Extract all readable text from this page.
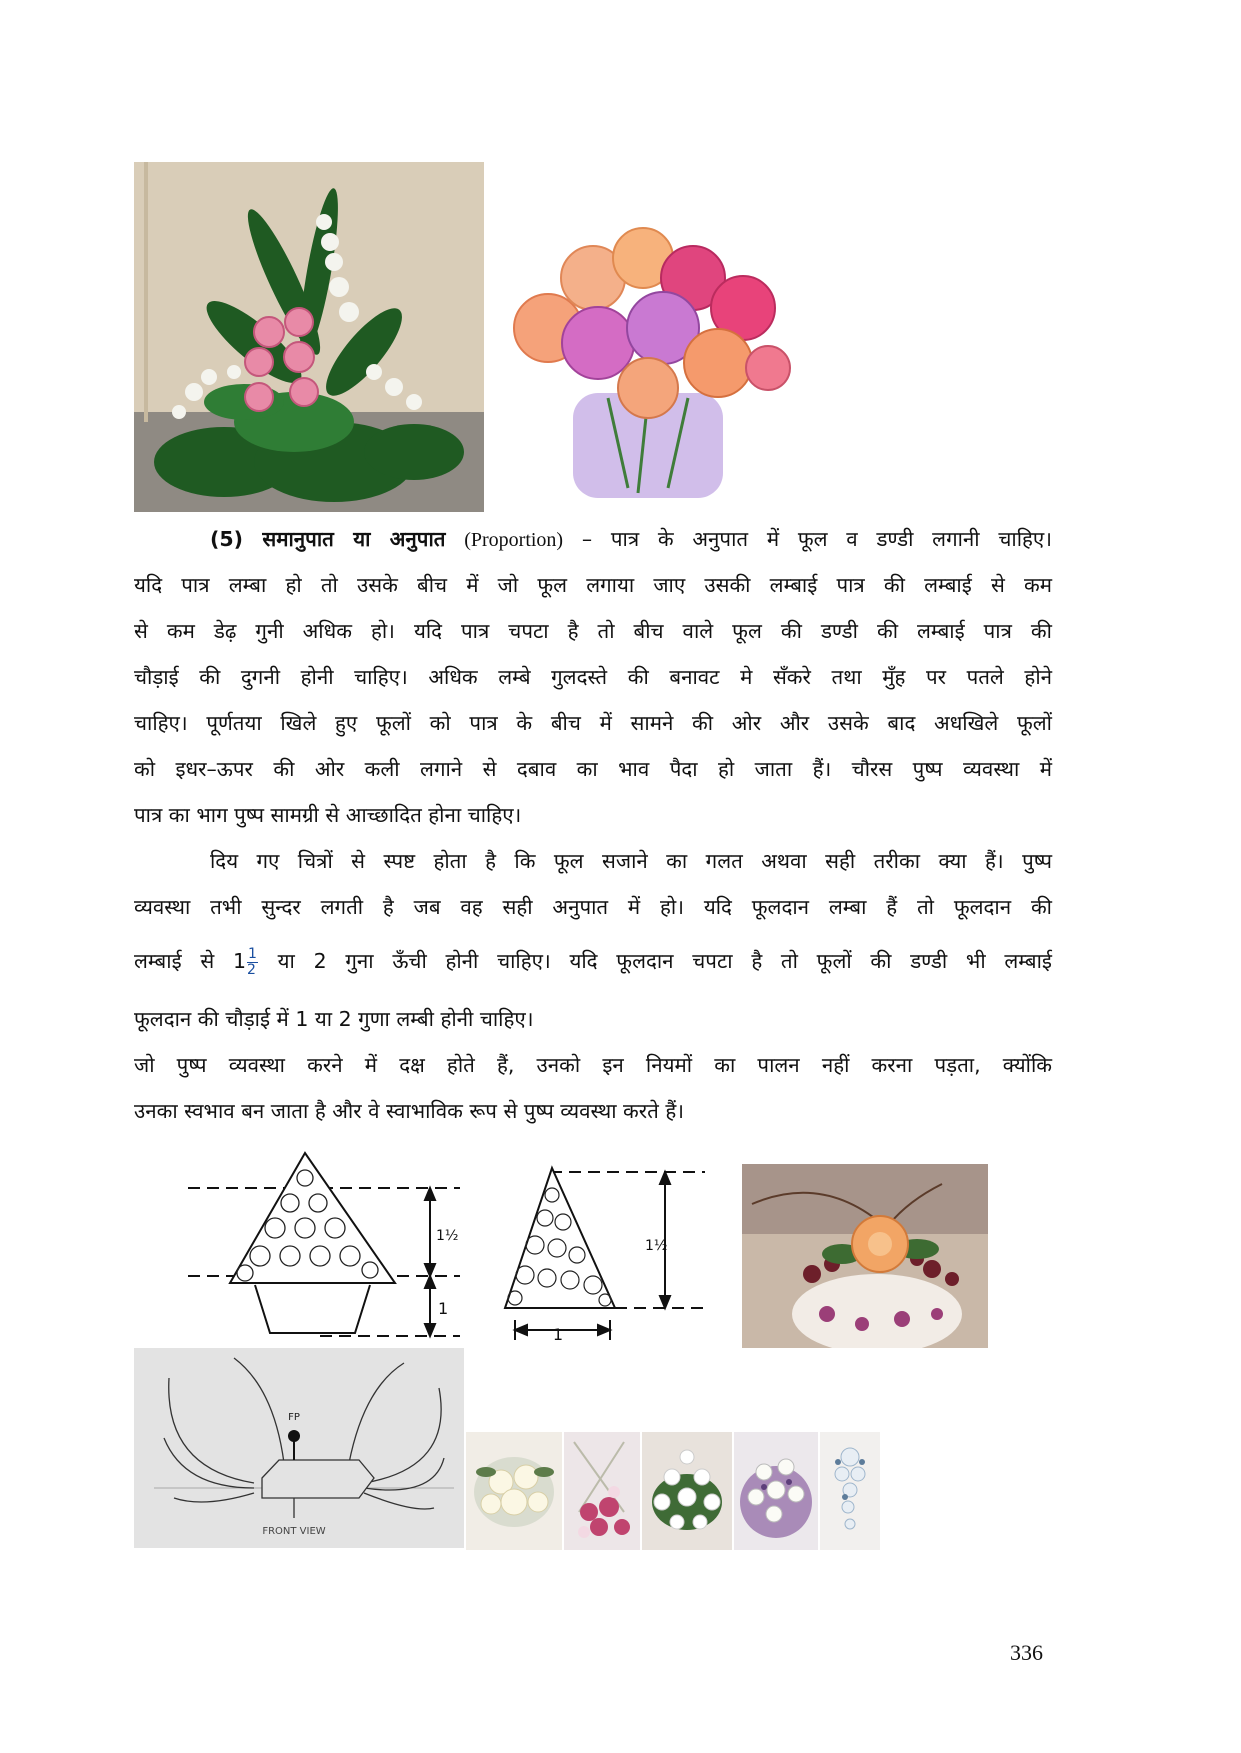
(5) समानुपात या अनुपात (Proportion) – पात्र के अनुपात में फूल व डण्डी लगानी चाहिए।
यदि पात्र लम्बा हो तो उसके बीच में जो फूल लगाया जाए उसकी लम्बाई पात्र की लम्बाई से कम
से कम डेढ़ गुनी अधिक हो। यदि पात्र चपटा है तो बीच वाले फूल की डण्डी की लम्बाई पात्र की
चौड़ाई की दुगनी होनी चाहिए। अधिक लम्बे गुलदस्ते की बनावट मे सँकरे तथा मुँह पर पतले होने
चाहिए। पूर्णतया खिले हुए फूलों को पात्र के बीच में सामने की ओर और उसके बाद अधखिले फूलों
को इधर–ऊपर की ओर कली लगाने से दबाव का भाव पैदा हो जाता हैं। चौरस पुष्प व्यवस्था में
पात्र का भाग पुष्प सामग्री से आच्छादित होना चाहिए।
दिय गए चित्रों से स्पष्ट होता है कि फूल सजाने का गलत अथवा सही तरीका क्या हैं। पुष्प
व्यवस्था तभी सुन्दर लगती है जब वह सही अनुपात में हो। यदि फूलदान लम्बा हैं तो फूलदान की
लम्बाई से $1 \frac{1}{2}$ या 2 गुना ऊँची होनी चाहिए। यदि फूलदान चपटा है तो फूलों की डण्डी भी लम्बाई
फूलदान की चौड़ाई में 1 या 2 गुणा लम्बी होनी चाहिए।
जो पुष्प व्यवस्था करने में दक्ष होते हैं, उनको इन नियमों का पालन नहीं करना पड़ता, क्योंकि
उनका स्वभाव बन जाता है और वे स्वाभाविक रूप से पुष्प व्यवस्था करते हैं।
1½
1
1½
1
FP
FRONT VIEW
336
